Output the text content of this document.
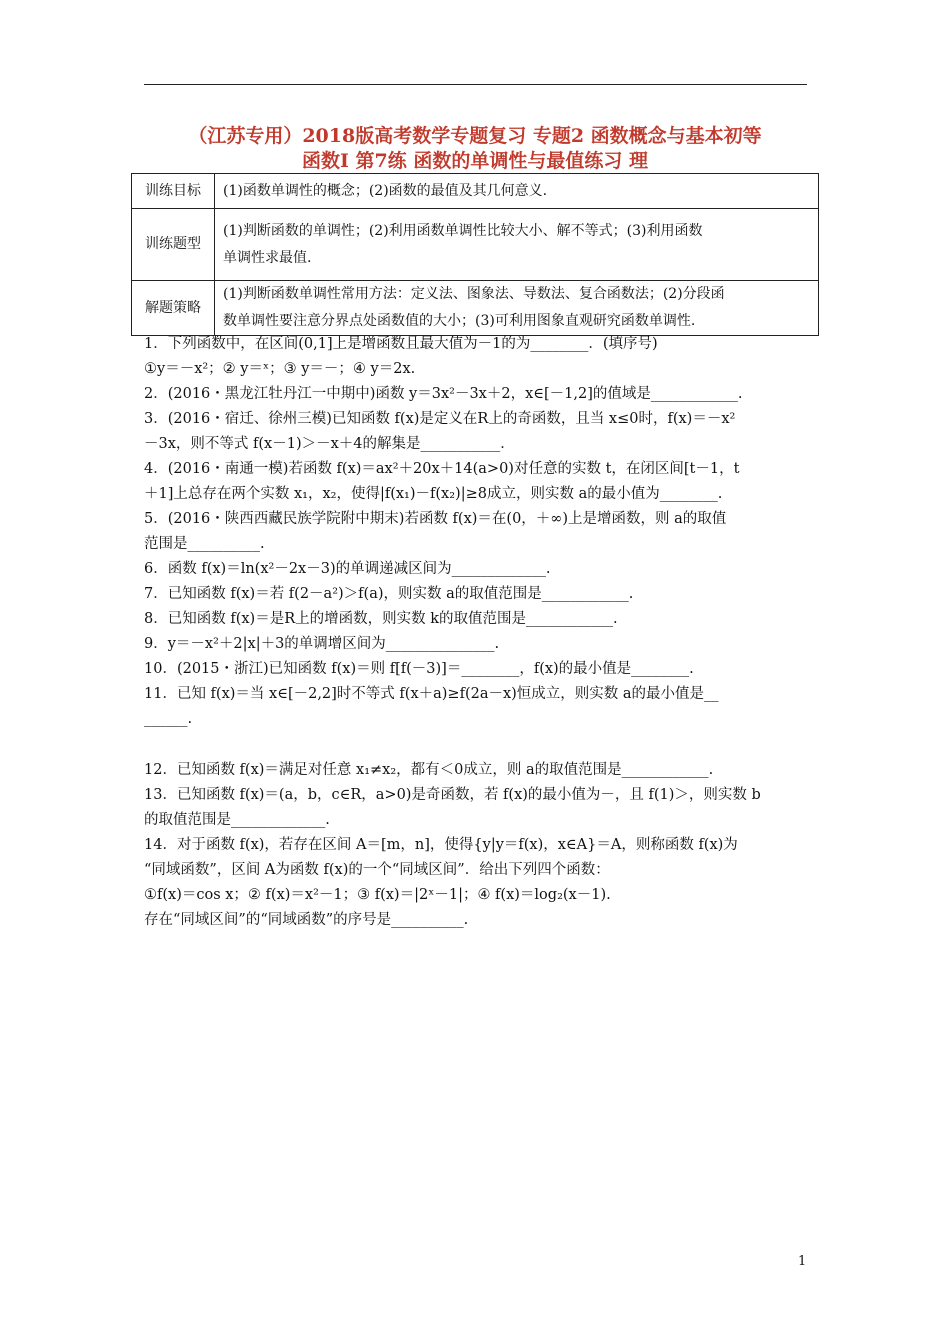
（江苏专用）2018版高考数学专题复习 专题2 函数概念与基本初等
函数Ⅰ 第7练 函数的单调性与最值练习 理
训练目标	(1)函数单调性的概念；(2)函数的最值及其几何意义.

训练题型	(1)判断函数的单调性；(2)利用函数单调性比较大小、解不等式；(3)利用函数
单调性求最值.

解题策略	(1)判断函数单调性常用方法：定义法、图象法、导数法、复合函数法；(2)分段函
数单调性要注意分界点处函数值的大小；(3)可利用图象直观研究函数单调性.
1．下列函数中，在区间(0,1]上是增函数且最大值为－1的为________．(填序号)
①y＝－x²；② y＝ˣ；③ y＝－；④ y＝2x.
2．(2016・黑龙江牡丹江一中期中)函数 y＝3x²－3x＋2，x∈[－1,2]的值域是____________.
3．(2016・宿迁、徐州三模)已知函数 f(x)是定义在R上的奇函数，且当 x≤0时，f(x)＝－x²
－3x，则不等式 f(x－1)＞－x＋4的解集是___________．
4．(2016・南通一模)若函数 f(x)＝ax²＋20x＋14(a>0)对任意的实数 t，在闭区间[t－1，t
＋1]上总存在两个实数 x₁，x₂，使得|f(x₁)－f(x₂)|≥8成立，则实数 a的最小值为________.
5．(2016・陕西西藏民族学院附中期末)若函数 f(x)＝在(0，＋∞)上是增函数，则 a的取值
范围是__________.
6．函数 f(x)＝ln(x²－2x－3)的单调递减区间为_____________.
7．已知函数 f(x)＝若 f(2－a²)＞f(a)，则实数 a的取值范围是____________.
8．已知函数 f(x)＝是R上的增函数，则实数 k的取值范围是____________.
9．y＝－x²＋2|x|＋3的单调增区间为_______________.
10．(2015・浙江)已知函数 f(x)＝则 f[f(－3)]＝________，f(x)的最小值是________.
11．已知 f(x)＝当 x∈[－2,2]时不等式 f(x＋a)≥f(2a－x)恒成立，则实数 a的最小值是__
______.
12．已知函数 f(x)＝满足对任意 x₁≠x₂，都有＜0成立，则 a的取值范围是____________.
13．已知函数 f(x)＝(a，b，c∈R，a>0)是奇函数，若 f(x)的最小值为－，且 f(1)＞，则实数 b
的取值范围是_____________.
14．对于函数 f(x)，若存在区间 A＝[m，n]，使得{y|y＝f(x)，x∈A}＝A，则称函数 f(x)为
“同域函数”，区间 A为函数 f(x)的一个“同域区间”．给出下列四个函数：
①f(x)＝cos x；② f(x)＝x²－1；③ f(x)＝|2ˣ－1|；④ f(x)＝log₂(x－1).
存在“同域区间”的“同域函数”的序号是__________.
1
